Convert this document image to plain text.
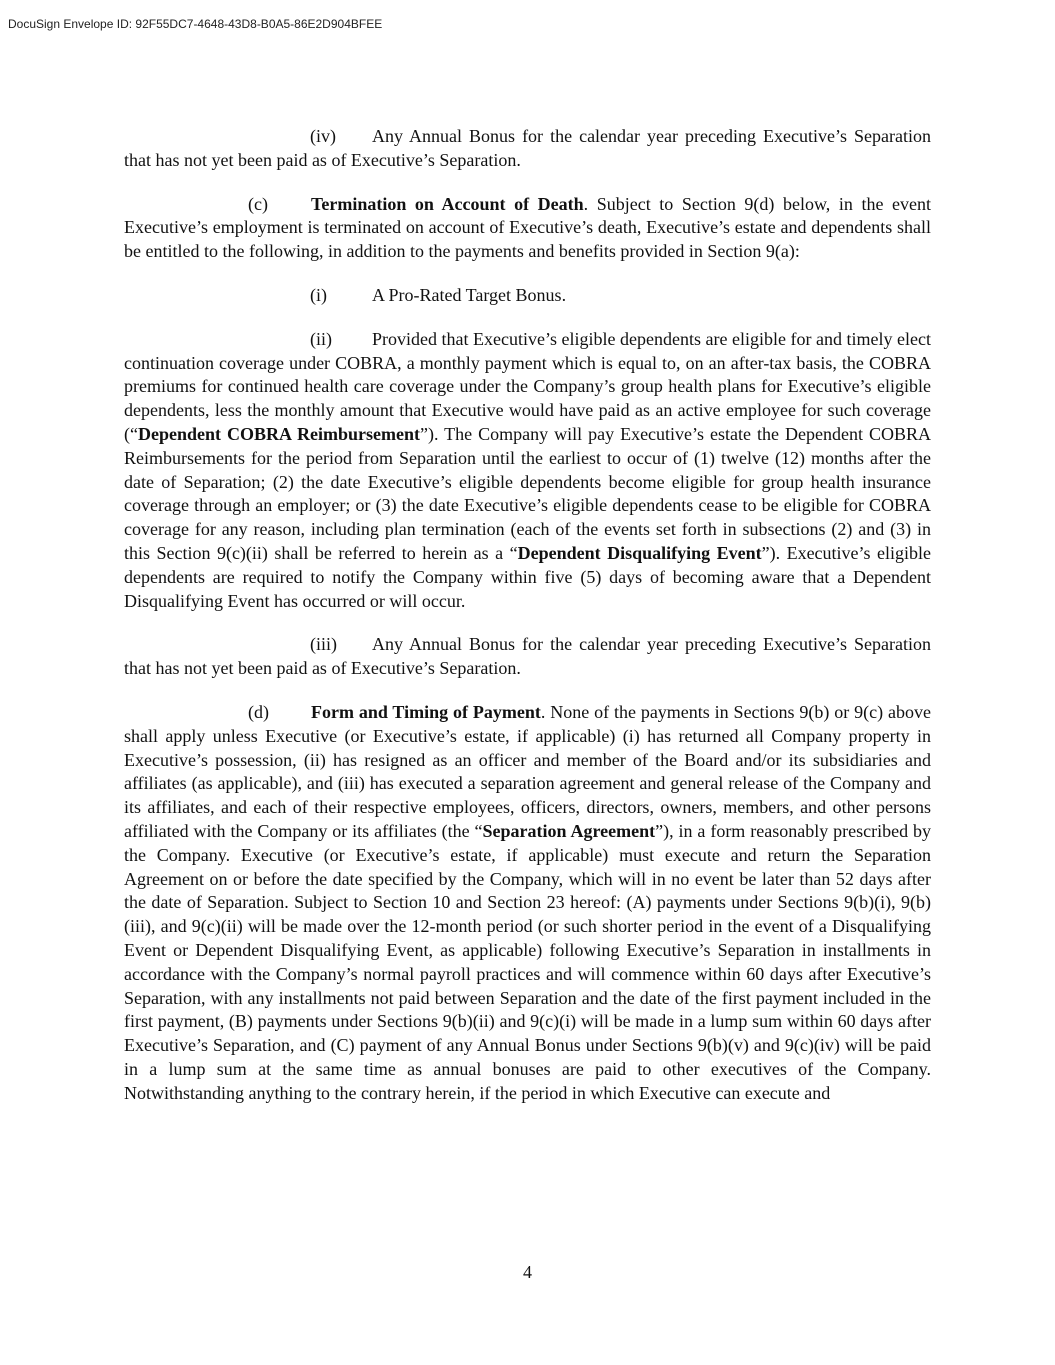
DocuSign Envelope ID: 92F55DC7-4648-43D8-B0A5-86E2D904BFEE

(iv) Any Annual Bonus for the calendar year preceding Executive’s Separation that has not yet been paid as of Executive’s Separation.

(c) Termination on Account of Death. Subject to Section 9(d) below, in the event Executive’s employment is terminated on account of Executive’s death, Executive’s estate and dependents shall be entitled to the following, in addition to the payments and benefits provided in Section 9(a):

(i)	A Pro-Rated Target Bonus.

(ii) Provided that Executive’s eligible dependents are eligible for and timely elect continuation coverage under COBRA, a monthly payment which is equal to, on an after-tax basis, the COBRA premiums for continued health care coverage under the Company’s group health plans for Executive’s eligible dependents, less the monthly amount that Executive would have paid as an active employee for such coverage (“Dependent COBRA Reimbursement”). The Company will pay Executive’s estate the Dependent COBRA Reimbursements for the period from Separation until the earliest to occur of (1) twelve (12) months after the date of Separation; (2) the date Executive’s eligible dependents become eligible for group health insurance coverage through an employer; or (3) the date Executive’s eligible dependents cease to be eligible for COBRA coverage for any reason, including plan termination (each of the events set forth in subsections (2) and (3) in this Section 9(c)(ii) shall be referred to herein as a “Dependent Disqualifying Event”). Executive’s eligible dependents are required to notify the Company within five (5) days of becoming aware that a Dependent Disqualifying Event has occurred or will occur.

(iii) Any Annual Bonus for the calendar year preceding Executive’s Separation that has not yet been paid as of Executive’s Separation.

(d) Form and Timing of Payment. None of the payments in Sections 9(b) or 9(c) above shall apply unless Executive (or Executive’s estate, if applicable) (i) has returned all Company property in Executive’s possession, (ii) has resigned as an officer and member of the Board and/or its subsidiaries and affiliates (as applicable), and (iii) has executed a separation agreement and general release of the Company and its affiliates, and each of their respective employees, officers, directors, owners, members, and other persons affiliated with the Company or its affiliates (the “Separation Agreement”), in a form reasonably prescribed by the Company. Executive (or Executive’s estate, if applicable) must execute and return the Separation Agreement on or before the date specified by the Company, which will in no event be later than 52 days after the date of Separation. Subject to Section 10 and Section 23 hereof: (A) payments under Sections 9(b)(i), 9(b)(iii), and 9(c)(ii) will be made over the 12-month period (or such shorter period in the event of a Disqualifying Event or Dependent Disqualifying Event, as applicable) following Executive’s Separation in installments in accordance with the Company’s normal payroll practices and will commence within 60 days after Executive’s Separation, with any installments not paid between Separation and the date of the first payment included in the first payment, (B) payments under Sections 9(b)(ii) and 9(c)(i) will be made in a lump sum within 60 days after Executive’s Separation, and (C) payment of any Annual Bonus under Sections 9(b)(v) and 9(c)(iv) will be paid in a lump sum at the same time as annual bonuses are paid to other executives of the Company. Notwithstanding anything to the contrary herein, if the period in which Executive can execute and

4
